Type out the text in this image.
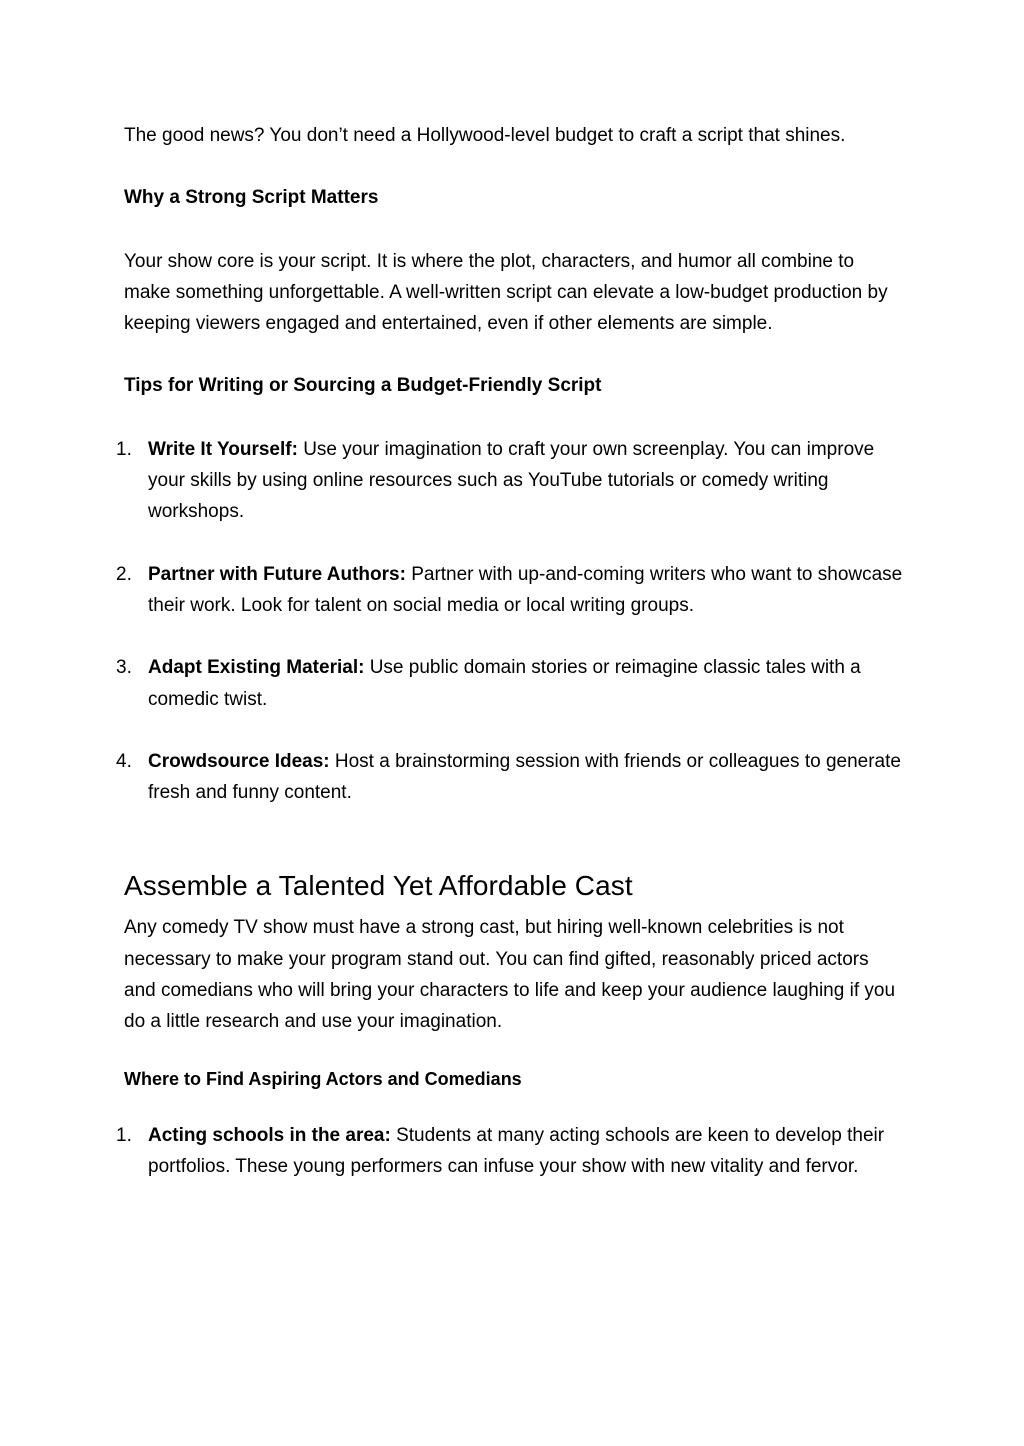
The good news? You don’t need a Hollywood-level budget to craft a script that shines.

Why a Strong Script Matters

Your show core is your script. It is where the plot, characters, and humor all combine to make something unforgettable. A well-written script can elevate a low-budget production by keeping viewers engaged and entertained, even if other elements are simple.

Tips for Writing or Sourcing a Budget-Friendly Script
1. Write It Yourself: Use your imagination to craft your own screenplay. You can improve your skills by using online resources such as YouTube tutorials or comedy writing workshops.
2. Partner with Future Authors: Partner with up-and-coming writers who want to showcase their work. Look for talent on social media or local writing groups.
3. Adapt Existing Material: Use public domain stories or reimagine classic tales with a comedic twist.
4. Crowdsource Ideas: Host a brainstorming session with friends or colleagues to generate fresh and funny content.
Assemble a Talented Yet Affordable Cast

Any comedy TV show must have a strong cast, but hiring well-known celebrities is not necessary to make your program stand out. You can find gifted, reasonably priced actors and comedians who will bring your characters to life and keep your audience laughing if you do a little research and use your imagination.

Where to Find Aspiring Actors and Comedians
1. Acting schools in the area: Students at many acting schools are keen to develop their portfolios. These young performers can infuse your show with new vitality and fervor.
